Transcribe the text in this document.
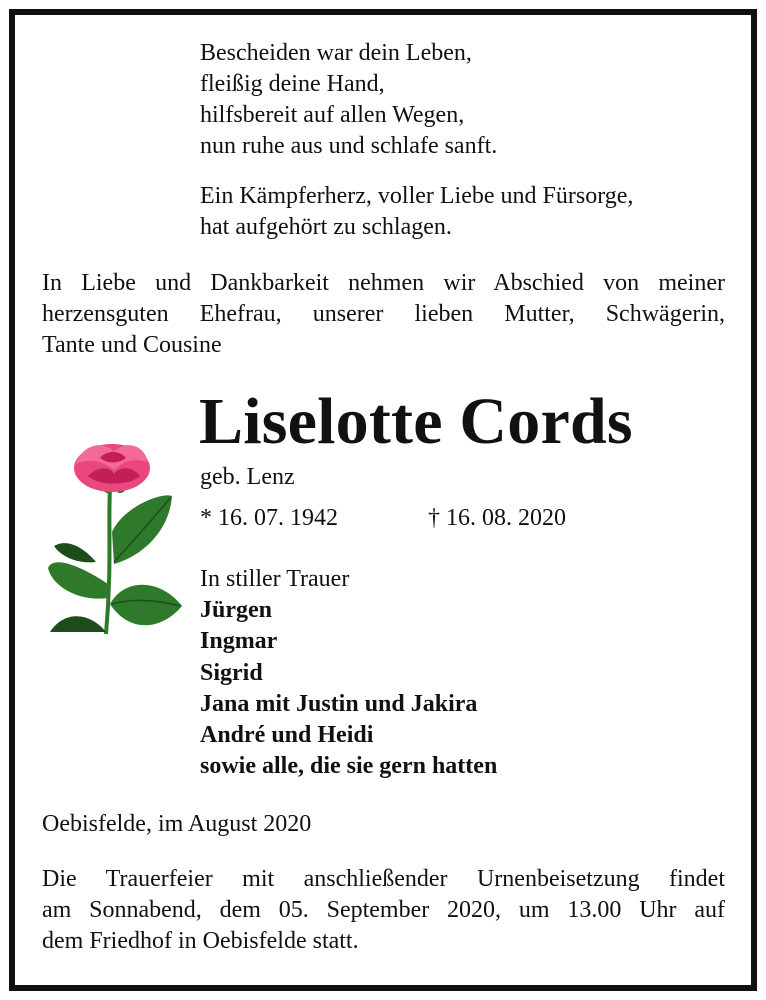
Bescheiden war dein Leben,
fleißig deine Hand,
hilfsbereit auf allen Wegen,
nun ruhe aus und schlafe sanft.
Ein Kämpferherz, voller Liebe und Fürsorge,
hat aufgehört zu schlagen.
In Liebe und Dankbarkeit nehmen wir Abschied von meiner
herzensguten Ehefrau, unserer lieben Mutter, Schwägerin,
Tante und Cousine
Liselotte Cords
geb. Lenz
* 16. 07. 1942	† 16. 08. 2020
In stiller Trauer
Jürgen
Ingmar
Sigrid
Jana mit Justin und Jakira
André und Heidi
sowie alle, die sie gern hatten
Oebisfelde, im August 2020
Die Trauerfeier mit anschließender Urnenbeisetzung findet
am Sonnabend, dem 05. September 2020, um 13.00 Uhr auf
dem Friedhof in Oebisfelde statt.
